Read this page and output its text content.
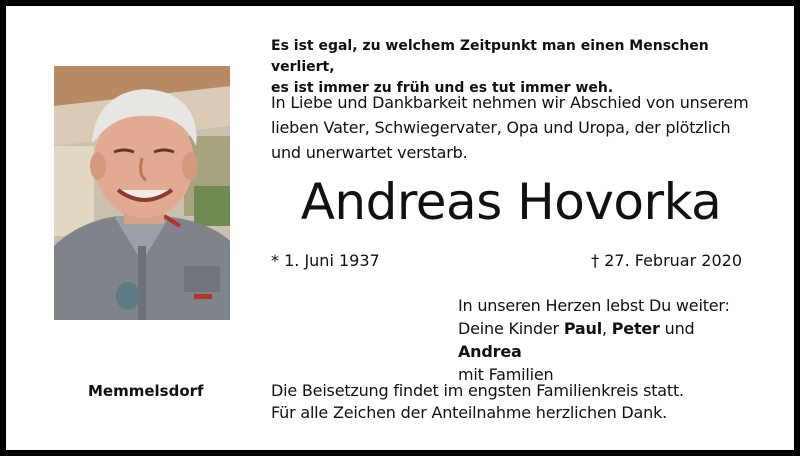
Es ist egal, zu welchem Zeitpunkt man einen Menschen verliert,
es ist immer zu früh und es tut immer weh.
In Liebe und Dankbarkeit nehmen wir Abschied von unserem
lieben Vater, Schwiegervater, Opa und Uropa, der plötzlich
und unerwartet verstarb.
Andreas Hovorka
* 1. Juni 1937	† 27. Februar 2020
In unseren Herzen lebst Du weiter:
Deine Kinder Paul, Peter und Andrea
mit Familien
Memmelsdorf	Die Beisetzung findet im engsten Familienkreis statt.
Für alle Zeichen der Anteilnahme herzlichen Dank.
